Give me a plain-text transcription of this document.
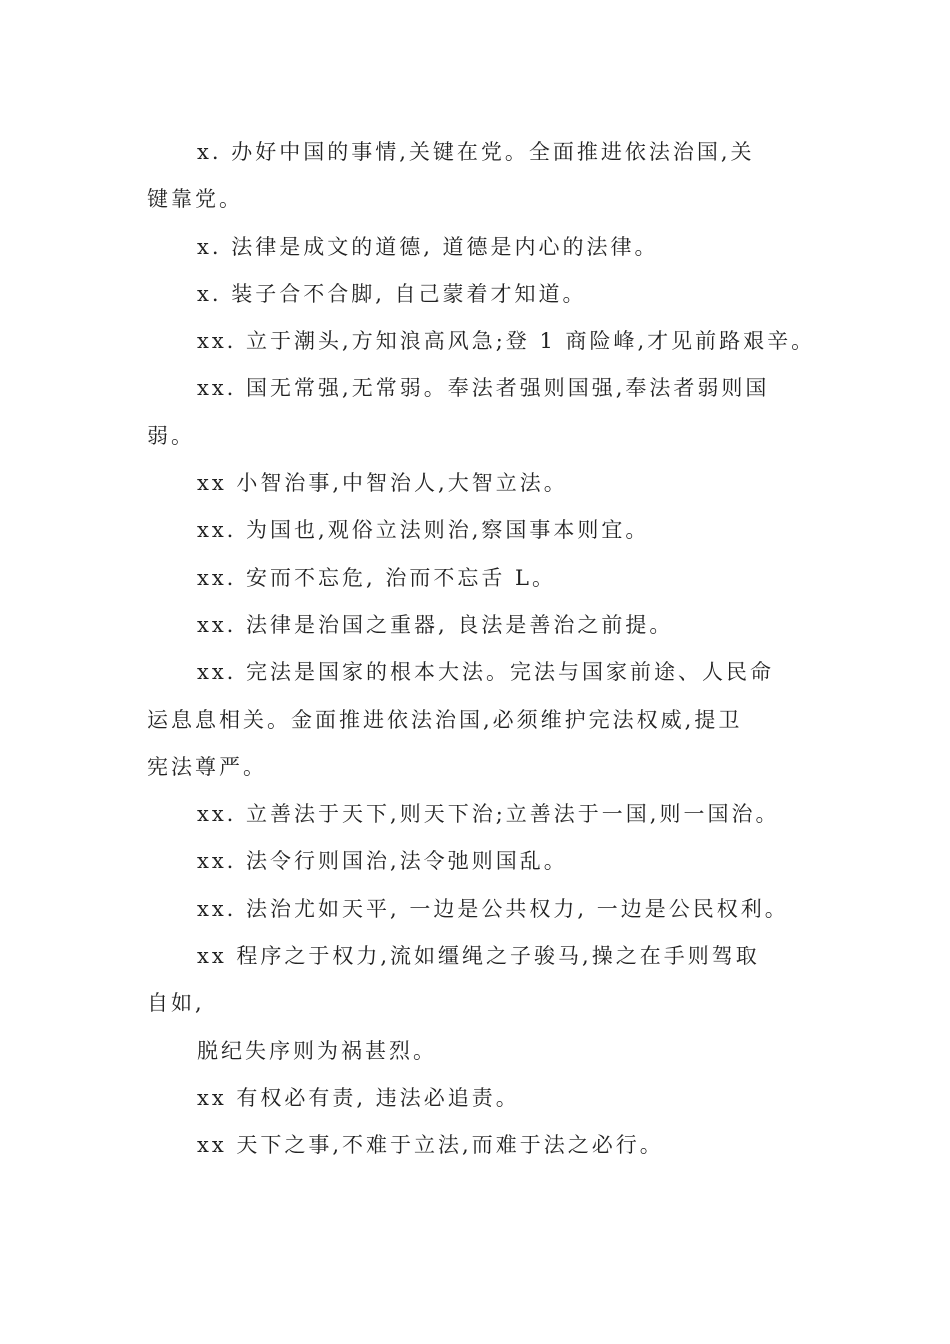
x. 办好中国的事情,关键在党。全面推进依法治国,关
键靠党。
x. 法律是成文的道德, 道德是内心的法律。
x. 装子合不合脚, 自己蒙着才知道。
xx. 立于潮头,方知浪高风急;登 1 商险峰,才见前路艰辛。
xx. 国无常强,无常弱。奉法者强则国强,奉法者弱则国
弱。
xx 小智治事,中智治人,大智立法。
xx. 为国也,观俗立法则治,察国事本则宜。
xx. 安而不忘危, 治而不忘舌 L。
xx. 法律是治国之重器, 良法是善治之前提。
xx. 完法是国家的根本大法。完法与国家前途、人民命
运息息相关。金面推进依法治国,必须维护完法权威,提卫
宪法尊严。
xx. 立善法于天下,则天下治;立善法于一国,则一国治。
xx. 法令行则国治,法令弛则国乱。
xx. 法治尤如天平, 一边是公共权力, 一边是公民权利。
xx 程序之于权力,流如缰绳之子骏马,操之在手则驾取
自如,
脱纪失序则为祸甚烈。
xx 有权必有责, 违法必追责。
xx 天下之事,不难于立法,而难于法之必行。
